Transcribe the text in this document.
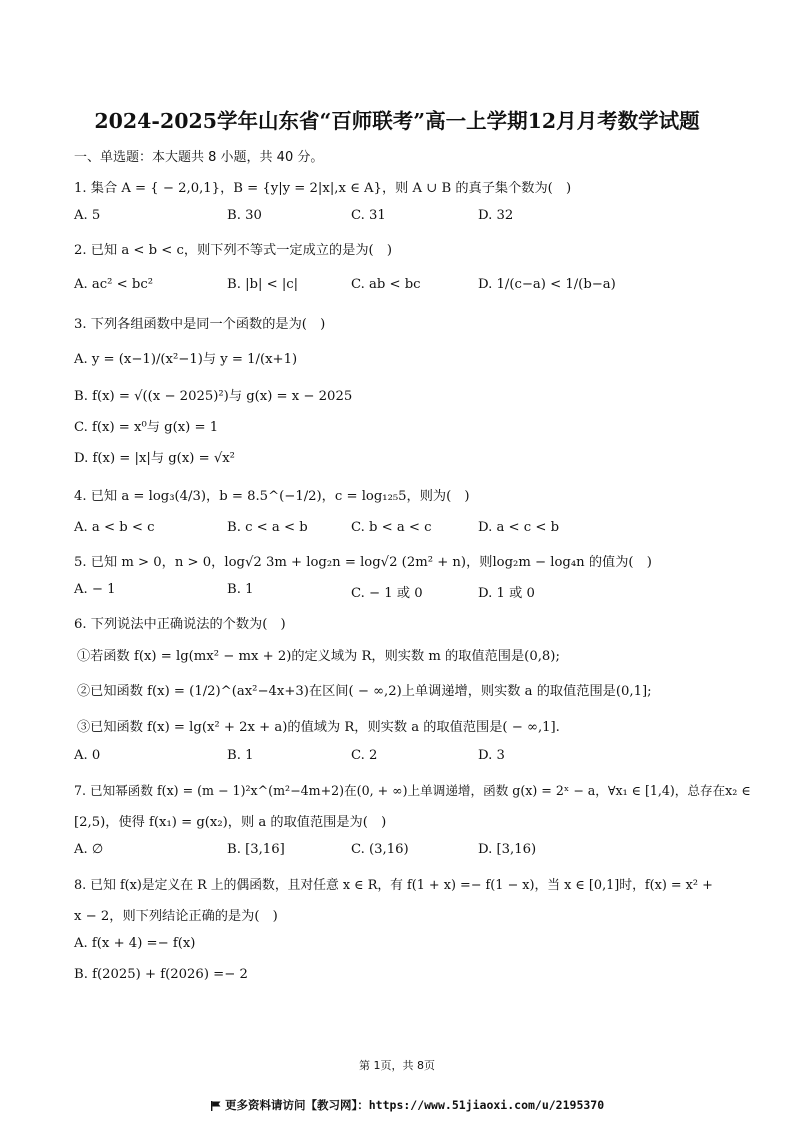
2024-2025学年山东省“百师联考”高一上学期12月月考数学试题
一、单选题：本大题共 8 小题，共 40 分。
1. 集合 A = { − 2,0,1}，B = {y|y = 2|x|,x ∈ A}，则 A ∪ B 的真子集个数为(　)
A. 5	B. 30	C. 31	D. 32
2. 已知 a < b < c，则下列不等式一定成立的是为(　)
A. ac² < bc²	B. |b| < |c|	C. ab < bc	D. 1/(c−a) < 1/(b−a)
3. 下列各组函数中是同一个函数的是为(　)
A. y = (x−1)/(x²−1)与 y = 1/(x+1)
B. f(x) = √((x − 2025)²)与 g(x) = x − 2025
C. f(x) = x⁰与 g(x) = 1
D. f(x) = |x|与 g(x) = √x²
4. 已知 a = log₃(4/3)，b = 8.5^(−1/2)，c = log₁₂₅5，则为(　)
A. a < b < c	B. c < a < b	C. b < a < c	D. a < c < b
5. 已知 m > 0，n > 0，log√2 3m + log₂n = log√2 (2m² + n)，则log₂m − log₄n 的值为(　)
A. − 1	B. 1	C. − 1 或 0	D. 1 或 0
6. 下列说法中正确说法的个数为(　)
①若函数 f(x) = lg(mx² − mx + 2)的定义域为 R，则实数 m 的取值范围是(0,8);
②已知函数 f(x) = (1/2)^(ax²−4x+3)在区间( − ∞,2)上单调递增，则实数 a 的取值范围是(0,1];
③已知函数 f(x) = lg(x² + 2x + a)的值域为 R，则实数 a 的取值范围是( − ∞,1].
A. 0	B. 1	C. 2	D. 3
7. 已知幂函数 f(x) = (m − 1)²x^(m²−4m+2)在(0, + ∞)上单调递增，函数 g(x) = 2ˣ − a，∀x₁ ∈ [1,4)，总存在x₂ ∈
[2,5)，使得 f(x₁) = g(x₂)，则 a 的取值范围是为(　)
A. ∅	B. [3,16]	C. (3,16)	D. [3,16)
8. 已知 f(x)是定义在 R 上的偶函数，且对任意 x ∈ R，有 f(1 + x) =− f(1 − x)，当 x ∈ [0,1]时，f(x) = x² +
x − 2，则下列结论正确的是为(　)
A. f(x + 4) =− f(x)
B. f(2025) + f(2026) =− 2
第 1页，共 8页
更多资料请访问【教习网】：https://www.51jiaoxi.com/u/2195370
